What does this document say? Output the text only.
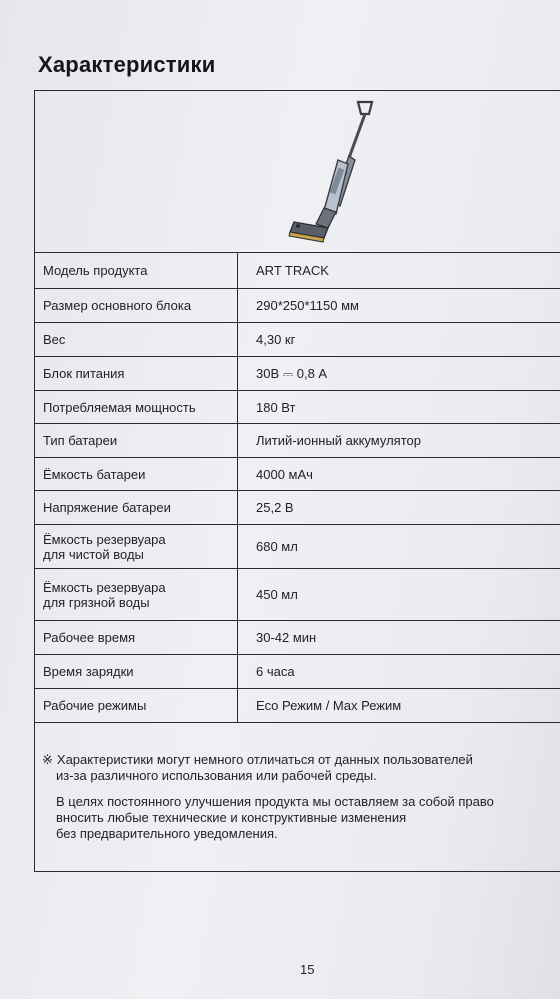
Характеристики
Модель продукта	ART TRACK
Размер основного блока	290*250*1150 мм
Вес	4,30 кг
Блок питания	30В ⎓ 0,8 А
Потребляемая мощность	180 Вт
Тип батареи	Литий-ионный аккумулятор
Ёмкость батареи	4000 мАч
Напряжение батареи	25,2 В

Ёмкость резервуара
для чистой воды	680 мл

Ёмкость резервуара
для грязной воды	450 мл
Рабочее время	30-42 мин
Время зарядки	6 часа
Рабочие режимы	Eco Режим / Max Режим

※ Характеристики могут немного отличаться от данных пользователей
из-за различного использования или рабочей среды.

В целях постоянного улучшения продукта мы оставляем за собой право
вносить любые технические и конструктивные изменения
без предварительного уведомления.

15
